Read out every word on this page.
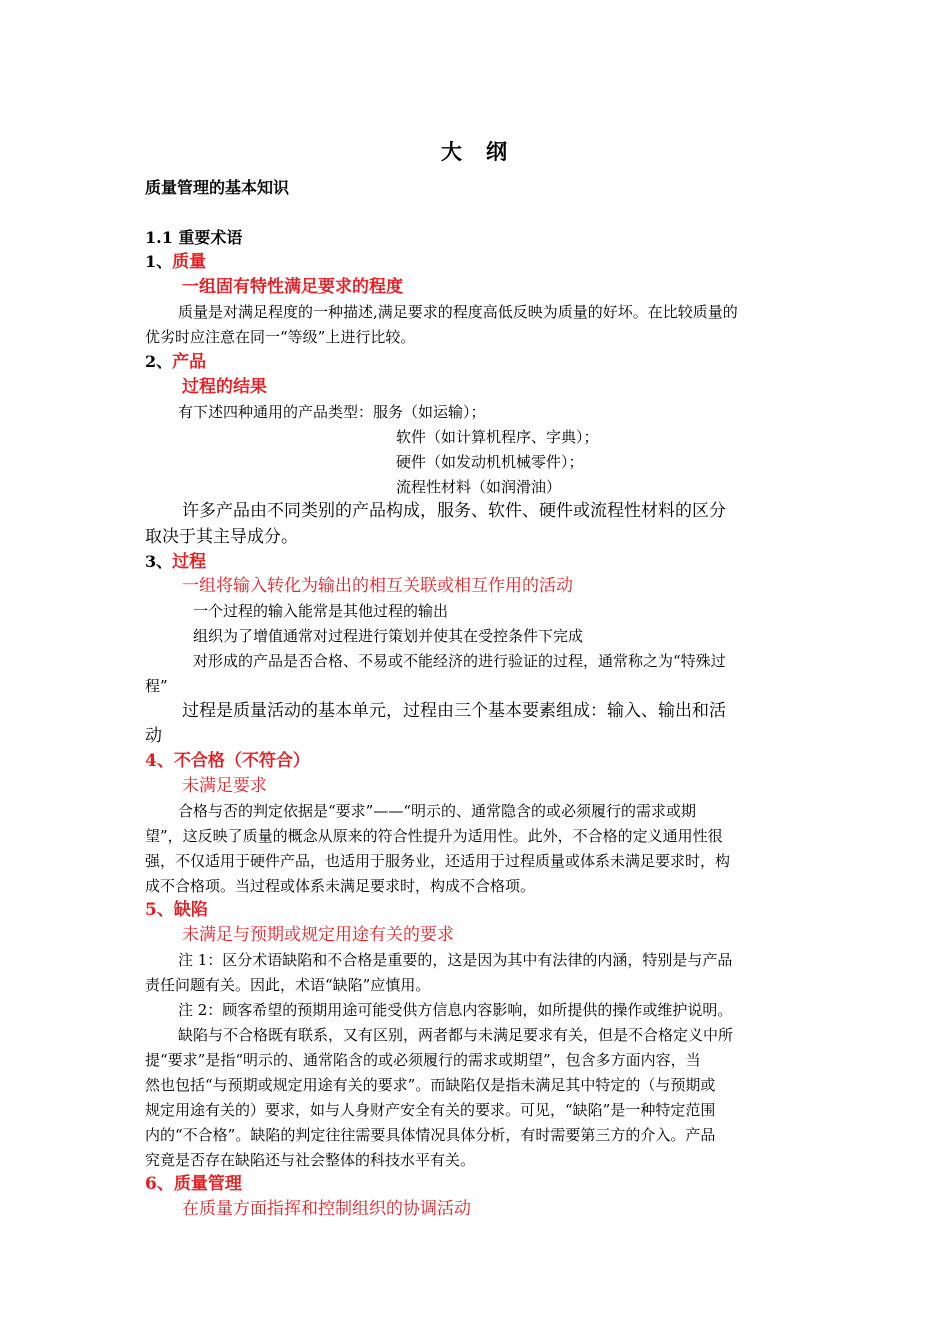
大 纲
质量管理的基本知识
1.1 重要术语
1、质量
一组固有特性满足要求的程度
质量是对满足程度的一种描述,满足要求的程度高低反映为质量的好坏。在比较质量的
优劣时应注意在同一“等级”上进行比较。
2、产品
过程的结果
有下述四种通用的产品类型：服务（如运输）；
软件（如计算机程序、字典）；
硬件（如发动机机械零件）；
流程性材料（如润滑油）
许多产品由不同类别的产品构成，服务、软件、硬件或流程性材料的区分
取决于其主导成分。
3、过程
一组将输入转化为输出的相互关联或相互作用的活动
一个过程的输入能常是其他过程的输出
组织为了增值通常对过程进行策划并使其在受控条件下完成
对形成的产品是否合格、不易或不能经济的进行验证的过程，通常称之为“特殊过
程”
过程是质量活动的基本单元，过程由三个基本要素组成：输入、输出和活
动
4、不合格（不符合）
未满足要求
合格与否的判定依据是“要求”——“明示的、通常隐含的或必须履行的需求或期
望”，这反映了质量的概念从原来的符合性提升为适用性。此外，不合格的定义通用性很
强，不仅适用于硬件产品，也适用于服务业，还适用于过程质量或体系未满足要求时，构
成不合格项。当过程或体系未满足要求时，构成不合格项。
5、缺陷
未满足与预期或规定用途有关的要求
注 1：区分术语缺陷和不合格是重要的，这是因为其中有法律的内涵，特别是与产品
责任问题有关。因此，术语“缺陷”应慎用。
注 2：顾客希望的预期用途可能受供方信息内容影响，如所提供的操作或维护说明。
缺陷与不合格既有联系，又有区别，两者都与未满足要求有关，但是不合格定义中所
提“要求”是指“明示的、通常陷含的或必须履行的需求或期望”，包含多方面内容，当
然也包括“与预期或规定用途有关的要求”。而缺陷仅是指未满足其中特定的（与预期或
规定用途有关的）要求，如与人身财产安全有关的要求。可见，“缺陷”是一种特定范围
内的“不合格”。缺陷的判定往往需要具体情况具体分析，有时需要第三方的介入。产品
究竟是否存在缺陷还与社会整体的科技水平有关。
6、质量管理
在质量方面指挥和控制组织的协调活动
